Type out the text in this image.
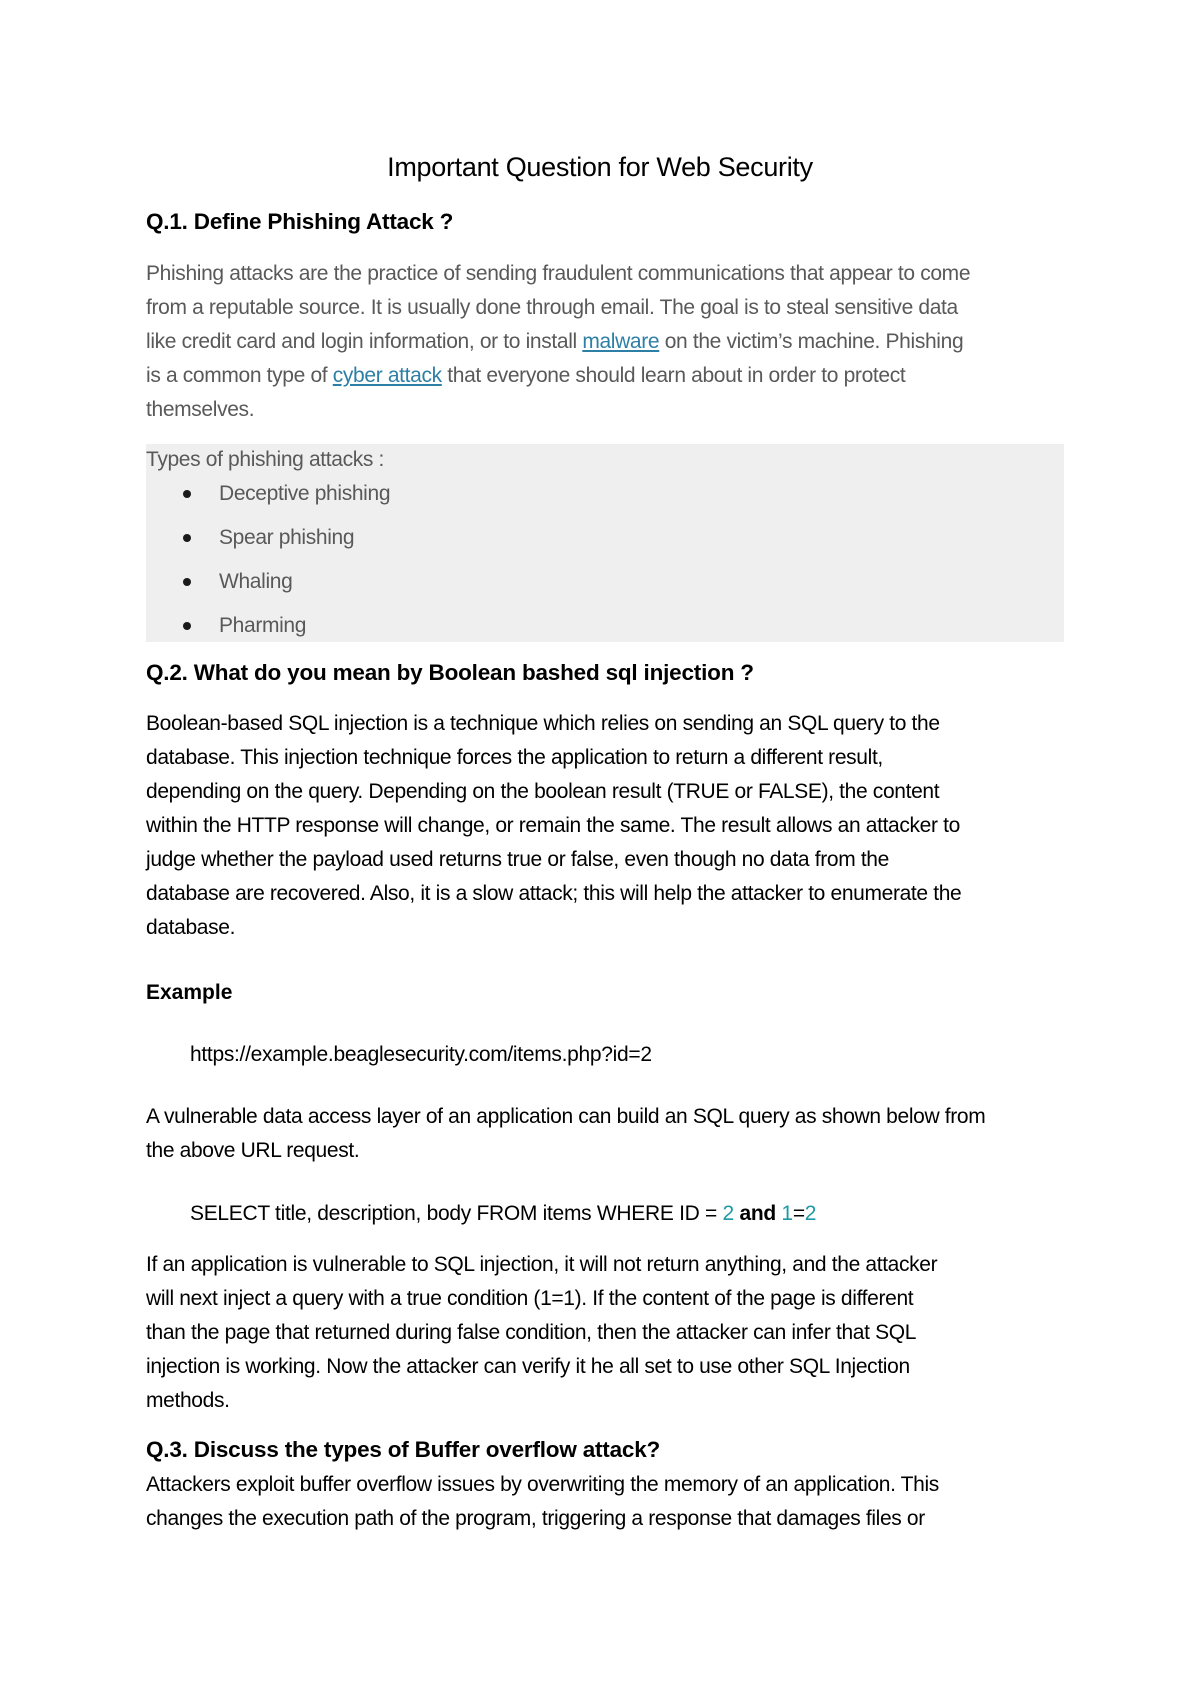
Important Question for Web Security
Q.1. Define Phishing Attack ?
Phishing attacks are the practice of sending fraudulent communications that appear to come
from a reputable source. It is usually done through email. The goal is to steal sensitive data
like credit card and login information, or to install malware on the victim’s machine. Phishing
is a common type of cyber attack that everyone should learn about in order to protect
themselves.
Types of phishing attacks :
Deceptive phishing
Spear phishing
Whaling
Pharming
Q.2. What do you mean by Boolean bashed sql injection ?
Boolean-based SQL injection is a technique which relies on sending an SQL query to the
database. This injection technique forces the application to return a different result,
depending on the query. Depending on the boolean result (TRUE or FALSE), the content
within the HTTP response will change, or remain the same. The result allows an attacker to
judge whether the payload used returns true or false, even though no data from the
database are recovered. Also, it is a slow attack; this will help the attacker to enumerate the
database.
Example
https://example.beaglesecurity.com/items.php?id=2
A vulnerable data access layer of an application can build an SQL query as shown below from
the above URL request.
SELECT title, description, body FROM items WHERE ID = 2 and 1=2
If an application is vulnerable to SQL injection, it will not return anything, and the attacker
will next inject a query with a true condition (1=1). If the content of the page is different
than the page that returned during false condition, then the attacker can infer that SQL
injection is working. Now the attacker can verify it he all set to use other SQL Injection
methods.
Q.3. Discuss the types of Buffer overflow attack?
Attackers exploit buffer overflow issues by overwriting the memory of an application. This
changes the execution path of the program, triggering a response that damages files or
